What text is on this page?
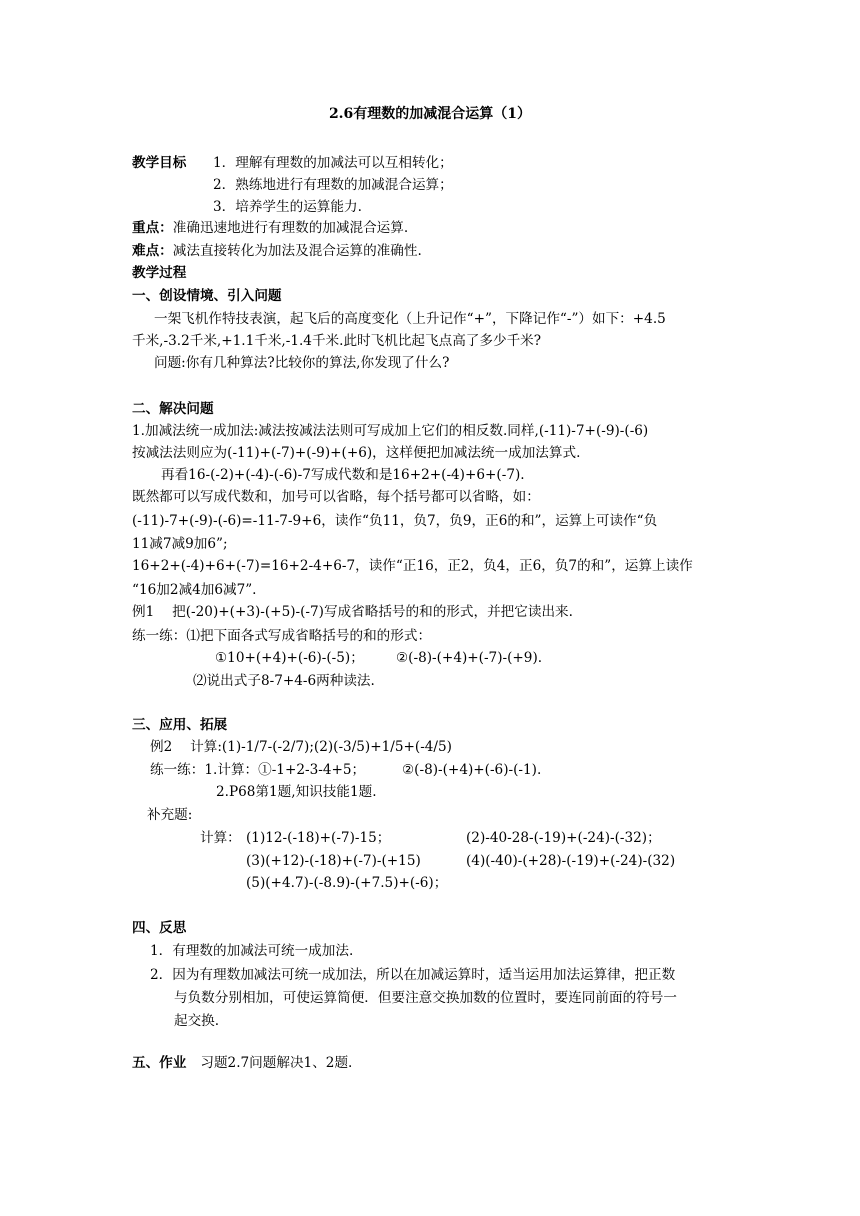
2.6有理数的加减混合运算（1）
教学目标 1．理解有理数的加减法可以互相转化；
2．熟练地进行有理数的加减混合运算；
3．培养学生的运算能力.
重点：准确迅速地进行有理数的加减混合运算.
难点：减法直接转化为加法及混合运算的准确性.
教学过程
一、创设情境、引入问题
一架飞机作特技表演，起飞后的高度变化（上升记作“+”，下降记作“-”）如下：+4.5
千米,-3.2千米,+1.1千米,-1.4千米.此时飞机比起飞点高了多少千米?
问题:你有几种算法?比较你的算法,你发现了什么?
二、解决问题
1.加减法统一成加法:减法按减法法则可写成加上它们的相反数.同样,(-11)-7+(-9)-(-6)
按减法法则应为(-11)+(-7)+(-9)+(+6)，这样便把加减法统一成加法算式.
再看16-(-2)+(-4)-(-6)-7写成代数和是16+2+(-4)+6+(-7).
既然都可以写成代数和，加号可以省略，每个括号都可以省略，如：
(-11)-7+(-9)-(-6)=-11-7-9+6，读作“负11，负7，负9，正6的和”，运算上可读作“负
11减7减9加6”;
16+2+(-4)+6+(-7)=16+2-4+6-7，读作“正16，正2，负4，正6，负7的和”，运算上读作
“16加2减4加6减7”.
例1　 把(-20)+(+3)-(+5)-(-7)写成省略括号的和的形式，并把它读出来.
练一练：⑴把下面各式写成省略括号的和的形式：
①10+(+4)+(-6)-(-5)； ②(-8)-(+4)+(-7)-(+9).
⑵说出式子8-7+4-6两种读法.
三、应用、拓展
例2　 计算:(1)-1/7-(-2/7);(2)(-3/5)+1/5+(-4/5)
练一练：1.计算：①-1+2-3-4+5；	②(-8)-(+4)+(-6)-(-1).
2.P68第1题,知识技能1题.
补充题:
计算： (1)12-(-18)+(-7)-15；	(2)-40-28-(-19)+(-24)-(-32)；
(3)(+12)-(-18)+(-7)-(+15)	(4)(-40)-(+28)-(-19)+(-24)-(32)
(5)(+4.7)-(-8.9)-(+7.5)+(-6)；
四、反思
1．有理数的加减法可统一成加法.
2．因为有理数加减法可统一成加法，所以在加减运算时，适当运用加法运算律，把正数
与负数分别相加，可使运算简便．但要注意交换加数的位置时，要连同前面的符号一
起交换.
五、作业 习题2.7问题解决1、2题.
